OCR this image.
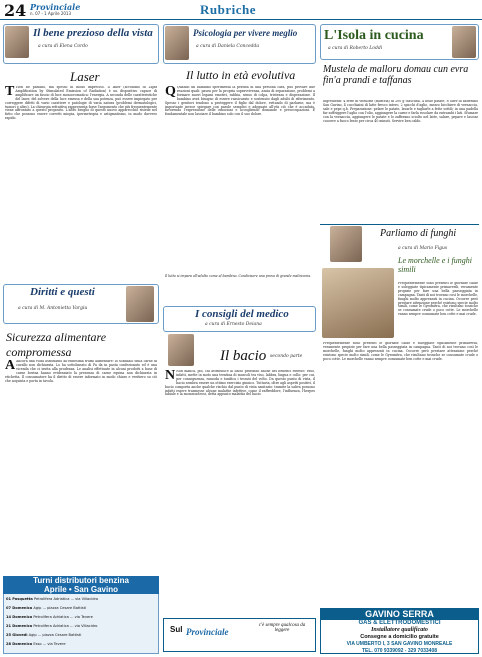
24 Provinciale
n. 07 - 1 Aprile 2013	Rubriche
Il bene prezioso della vista
a cura di Elena Cordo
Laser
T Tutti ne parlano, ma spesso in modo impreciso. Il laser (acronimo di Light Amplification by Stimulated Emission of Radiation) è un dispositivo capace di amplificare un fascio di luce monocromatica: l'energia. A seconda delle caratteristiche del laser, del solvere della luce emessa e della sua potenza, può essere impiegato per correggere difetti di vario carattere e patologie di varia natura (problemi dermatologici, tumori e altro). La chirurgia refrattiva rappresenta forse l'argomento che più frequentemente viene affrontato a questo proposito. L'altro broglio di questo nuovo apparecchio risiede nel fatto che possono essere corretti miopia, ipermetropia e astigmatismo, in modo davvero rapido.
Diritti e questi
a cura di M. Antonietta Vargiu
Sicurezza alimentare compromessa
A Ancora una volta assistiamo all'ennesima truffa alimentare: lo scandalo della carne di cavallo non dichiarata. Lo ha sottolineato di Fa da in pasta confezionato ed è una vicenda che ci invita alla prudenza. Le analisi effettuate in alcuni prodotti a base di carne bovina hanno evidenziato la presenza di carne equina non dichiarata in etichetta. Il consumatore ha il diritto di essere informato in modo chiaro e veritiero su ciò che acquista e porta in tavola.
Turni distributori benzina
Aprile • San Gavino
01 Pasquetta Petrolifera Adriatica ... via Villacidro
07 Domenica Agip ... piazza Cesare Battisti
14 Domenica Petrolifera Adriatica ... via Tevere
21 Domenica Petrolifera Adriatica ... via Villacidro
25 Giovedì Agip ... piazza Cesare Battisti
28 Domenica Esso ... via Tevere
Psicologia per vivere meglio
a cura di Daniela Concedda
Il lutto in età evolutiva
Q Quando un bambino sperimenta la perdita di una persona cara, può provare due reazioni quali: paura per la propria sopravvivenza, ansia di separazione, problemi a formare nuovi legami emotivi, rabbia, senso di colpa, tristezza e disperazione. Il bambino avrà bisogno di essere rassicurato e sostenuto dagli adulti di riferimento. Spesso i genitori tendono a proteggere il figlio dal dolore, evitando di parlarne, ma è importante invece spiegare con parole semplici e adeguate all'età ciò che è accaduto, favorendo l'espressione delle emozioni e accogliendo domande e preoccupazioni. È fondamentale non lasciare il bambino solo con il suo dolore.
Il lutto si impara all'adulto come al bambino. Condivisere una prova di grande malinconia.
I consigli del medico
a cura di Ernesto Deiana
Il bacio secondo parte
N Non manca, poi, chi attribuisce al bacio profondo anche dei benefici estetici: esso, infatti, mette in moto una trentina di muscoli tra viso, labbra, lingua e collo: per cui, per conseguenza, rassoda e tonifica i tessuti del volto. Da questo punto di vista, il bacio sembra essere un ottimo esercizio ginnico. Tuttavia, oltre agli aspetti positivi, il bacio comporta anche qualche rischio dal punto di vista sanitario: tramite la saliva possono infatti essere trasmesse alcune malattie infettive, come il raffreddore, l'influenza, l'herpes labiale e la mononucleosi, detta appunto malattia del bacio.
Sul Provinciale
c'è sempre qualcosa da leggere
L'Isola in cucina
a cura di Roberto Loddi
Mustela de malloru domau cun evra fin'a prandi e taffanas
Ingredienti: 4 fette di vitellone (mustela) di 200 g ciascuna, 4 belle patate, 8 olive di zafferano San Gavino, 4 cucchiaini di latte fresco intero, 2 spicchi d'aglio, mezzo bicchiere di vernaccia, sale e pepe q.b. Preparazione: pelare le patate, lavarle e tagliarle a fette sottili; in una padella far soffriggere l'aglio con l'olio, aggiungere la carne e farla rosolare da entrambi i lati. Sfumare con la vernaccia, aggiungere le patate e lo zafferano sciolto nel latte, salare, pepare e lasciar cuocere a fuoco lento per circa 40 minuti. Servire ben caldo.
Parliamo di funghi
a cura di Mario Figus
Le morchelle e i funghi simili
Frequentemente sono presenti le giornate calde e soleggiate tipicamente primaverili, veramente propizie per fare una bella passeggiata in campagna. Tanti di noi trovano così le morchelle, funghi molto apprezzati in cucina. Occorre però prestare attenzione perché esistono specie molto simili, come le Gyromitra, che risultano tossiche se consumate crude o poco cotte. Le morchelle vanno sempre consumate ben cotte e mai crude.
Frequentemente sono presenti le giornate calde e soleggiate tipicamente primaverili, veramente propizie per fare una bella passeggiata in campagna. Tanti di noi trovano così le morchelle, funghi molto apprezzati in cucina. Occorre però prestare attenzione perché esistono specie molto simili, come le Gyromitra, che risultano tossiche se consumate crude o poco cotte. Le morchelle vanno sempre consumate ben cotte e mai crude.
GAVINO SERRA
GAS & ELETTRODOMESTICI
Installatore qualificato
Consegne a domicilio gratuite
VIA UMBERTO I, 3 SAN GAVINO MONREALE
TEL. 070 9339092 - 329 7033408
